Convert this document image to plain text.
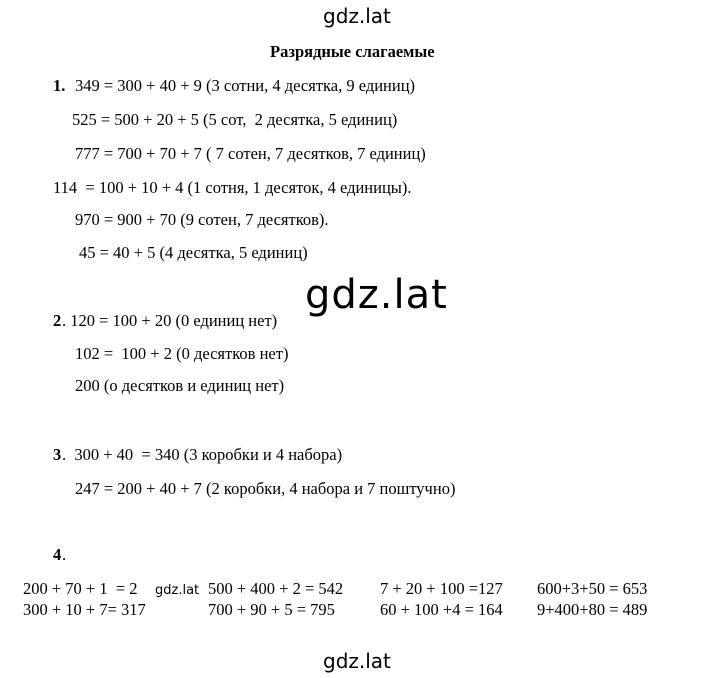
gdz.lat
Разрядные слагаемые
1. 349 = 300 + 40 + 9 (3 сотни, 4 десятка, 9 единиц)
525 = 500 + 20 + 5 (5 сот,  2 десятка, 5 единиц)
777 = 700 + 70 + 7 ( 7 сотен, 7 десятков, 7 единиц)
114  = 100 + 10 + 4 (1 сотня, 1 десяток, 4 единицы).
970 = 900 + 70 (9 сотен, 7 десятков).
45 = 40 + 5 (4 десятка, 5 единиц)
gdz.lat
2 . 120 = 100 + 20 (0 единиц нет)
102 =  100 + 2 (0 десятков нет)
200 (о десятков и единиц нет)
3 .  300 + 40  = 340 (3 коробки и 4 набора)
247 = 200 + 40 + 7 (2 коробки, 4 набора и 7 поштучно)
4 .
200 + 70 + 1  = 2 gdz.lat 500 + 400 + 2 = 542 7 + 20 + 100 =127 600+3+50 = 653
300 + 10 + 7= 317	700 + 90 + 5 = 795	60 + 100 +4 = 164 9+400+80 = 489
gdz.lat
